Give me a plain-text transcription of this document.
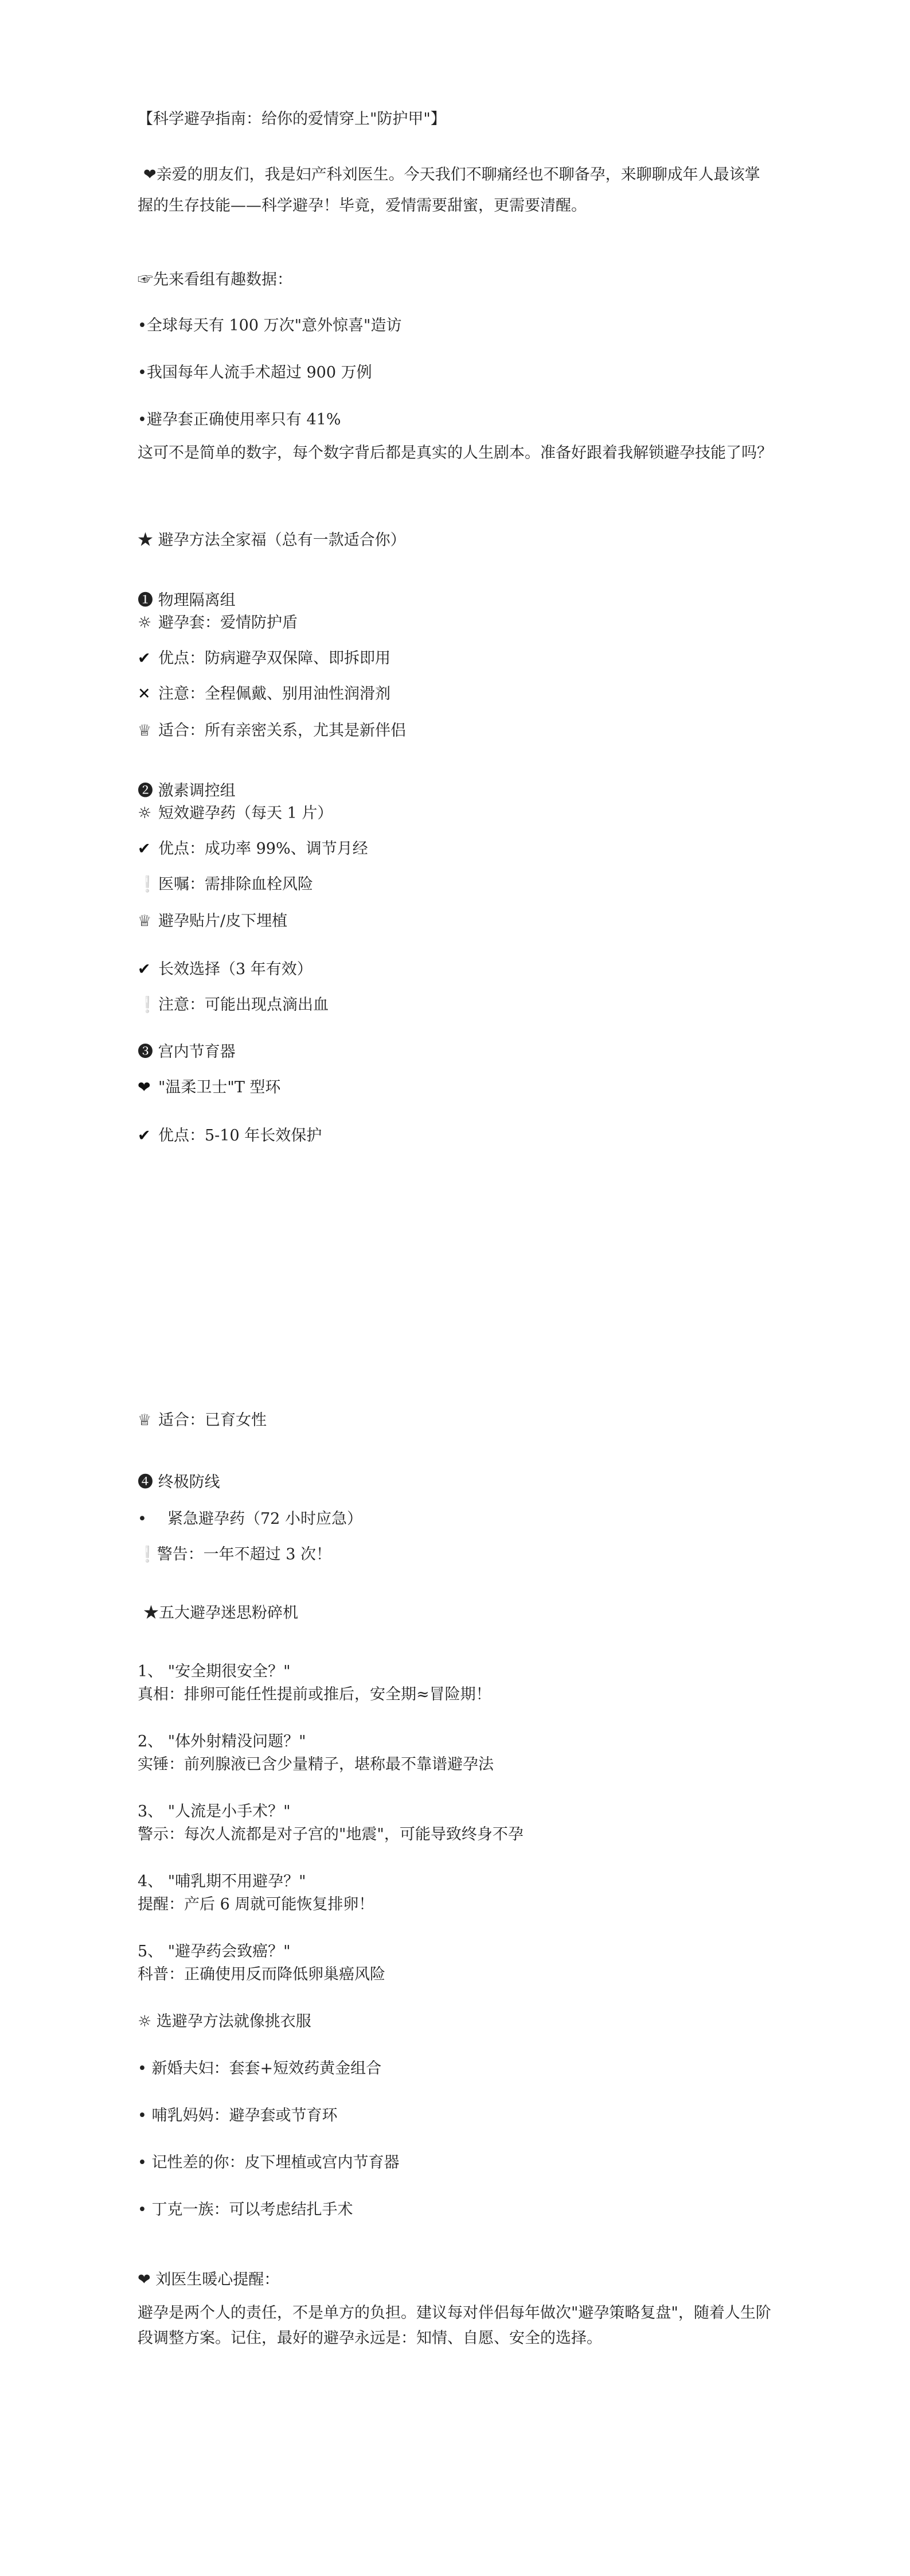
【科学避孕指南：给你的爱情穿上"防护甲"】
❤亲爱的朋友们，我是妇产科刘医生。今天我们不聊痛经也不聊备孕，来聊聊成年人最该掌握的生存技能——科学避孕！毕竟，爱情需要甜蜜，更需要清醒。
☞先来看组有趣数据：
•全球每天有 100 万次"意外惊喜"造访
•我国每年人流手术超过 900 万例
•避孕套正确使用率只有 41%
这可不是简单的数字，每个数字背后都是真实的人生剧本。准备好跟着我解锁避孕技能了吗？
★ 避孕方法全家福（总有一款适合你）
❶ 物理隔离组
☼ 避孕套：爱情防护盾
✔ 优点：防病避孕双保障、即拆即用
✕ 注意：全程佩戴、别用油性润滑剂
♕ 适合：所有亲密关系，尤其是新伴侣
❷ 激素调控组
☼ 短效避孕药（每天 1 片）
✔ 优点：成功率 99%、调节月经
❕医嘱：需排除血栓风险
♕ 避孕贴片/皮下埋植
✔ 长效选择（3 年有效）
❕注意：可能出现点滴出血
❸ 宫内节育器
❤ "温柔卫士"T 型环
✔ 优点：5-10 年长效保护
♕ 适合：已育女性
❹ 终极防线
• 紧急避孕药（72 小时应急）
❕警告：一年不超过 3 次！
★五大避孕迷思粉碎机
1、 "安全期很安全？"
真相：排卵可能任性提前或推后，安全期≈冒险期！
2、 "体外射精没问题？"
实锤：前列腺液已含少量精子，堪称最不靠谱避孕法
3、 "人流是小手术？"
警示：每次人流都是对子宫的"地震"，可能导致终身不孕
4、 "哺乳期不用避孕？"
提醒：产后 6 周就可能恢复排卵！
5、 "避孕药会致癌？"
科普：正确使用反而降低卵巢癌风险
☼ 选避孕方法就像挑衣服
• 新婚夫妇：套套+短效药黄金组合
• 哺乳妈妈：避孕套或节育环
• 记性差的你：皮下埋植或宫内节育器
• 丁克一族：可以考虑结扎手术
❤ 刘医生暖心提醒：
避孕是两个人的责任，不是单方的负担。建议每对伴侣每年做次"避孕策略复盘"，随着人生阶段调整方案。记住，最好的避孕永远是：知情、自愿、安全的选择。
